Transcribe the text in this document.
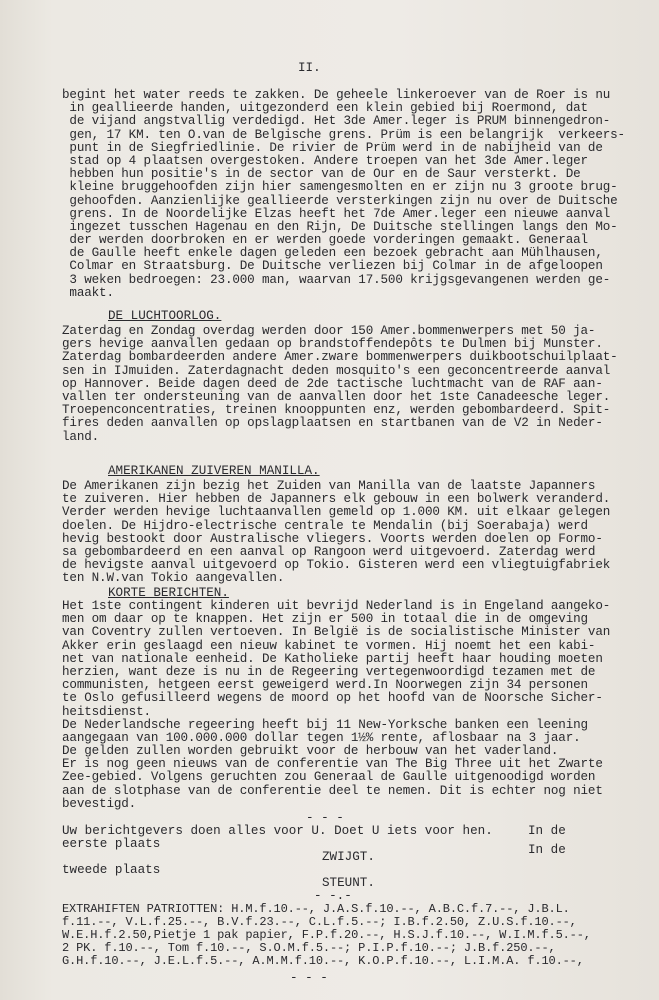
II.
begint het water reeds te zakken. De geheele linkeroever van de Roer is nu
in geallieerde handen, uitgezonderd een klein gebied bij Roermond, dat
de vijand angstvallig verdedigd. Het 3de Amer.leger is PRUM binnengedron-
gen, 17 KM. ten O.van de Belgische grens. Prüm is een belangrijk  verkeers-
punt in de Siegfriedlinie. De rivier de Prüm werd in de nabijheid van de
stad op 4 plaatsen overgestoken. Andere troepen van het 3de Amer.leger
hebben hun positie's in de sector van de Our en de Saur versterkt. De
kleine bruggehoofden zijn hier samengesmolten en er zijn nu 3 groote brug-
gehoofden. Aanzienlijke geallieerde versterkingen zijn nu over de Duitsche
grens. In de Noordelijke Elzas heeft het 7de Amer.leger een nieuwe aanval
ingezet tusschen Hagenau en den Rijn, De Duitsche stellingen langs den Mo-
der werden doorbroken en er werden goede vorderingen gemaakt. Generaal
de Gaulle heeft enkele dagen geleden een bezoek gebracht aan Mühlhausen,
Colmar en Straatsburg. De Duitsche verliezen bij Colmar in de afgeloopen
3 weken bedroegen: 23.000 man, waarvan 17.500 krijgsgevangenen werden ge-
maakt.
DE LUCHTOORLOG.
Zaterdag en Zondag overdag werden door 150 Amer.bommenwerpers met 50 ja-
gers hevige aanvallen gedaan op brandstoffendepôts te Dulmen bij Munster.
Zaterdag bombardeerden andere Amer.zware bommenwerpers duikbootschuilplaat-
sen in IJmuiden. Zaterdagnacht deden mosquito's een geconcentreerde aanval
op Hannover. Beide dagen deed de 2de tactische luchtmacht van de RAF aan-
vallen ter ondersteuning van de aanvallen door het 1ste Canadeesche leger.
Troepenconcentraties, treinen knooppunten enz, werden gebombardeerd. Spit-
fires deden aanvallen op opslagplaatsen en startbanen van de V2 in Neder-
land.
AMERIKANEN ZUIVEREN MANILLA.
De Amerikanen zijn bezig het Zuiden van Manilla van de laatste Japanners
te zuiveren. Hier hebben de Japanners elk gebouw in een bolwerk veranderd.
Verder werden hevige luchtaanvallen gemeld op 1.000 KM. uit elkaar gelegen
doelen. De Hijdro-electrische centrale te Mendalin (bij Soerabaja) werd
hevig bestookt door Australische vliegers. Voorts werden doelen op Formo-
sa gebombardeerd en een aanval op Rangoon werd uitgevoerd. Zaterdag werd
de hevigste aanval uitgevoerd op Tokio. Gisteren werd een vliegtuigfabriek
ten N.W.van Tokio aangevallen.
KORTE BERICHTEN.
Het 1ste contingent kinderen uit bevrijd Nederland is in Engeland aangeko-
men om daar op te knappen. Het zijn er 500 in totaal die in de omgeving
van Coventry zullen vertoeven. In België is de socialistische Minister van
Akker erin geslaagd een nieuw kabinet te vormen. Hij noemt het een kabi-
net van nationale eenheid. De Katholieke partij heeft haar houding moeten
herzien, want deze is nu in de Regeering vertegenwoordigd tezamen met de
communisten, hetgeen eerst geweigerd werd.In Noorwegen zijn 34 personen
te Oslo gefusilleerd wegens de moord op het hoofd van de Noorsche Sicher-
heitsdienst.
De Nederlandsche regeering heeft bij 11 New-Yorksche banken een leening
aangegaan van 100.000.000 dollar tegen 1½% rente, aflosbaar na 3 jaar.
De gelden zullen worden gebruikt voor de herbouw van het vaderland.
Er is nog geen nieuws van de conferentie van The Big Three uit het Zwarte
Zee-gebied. Volgens geruchten zou Generaal de Gaulle uitgenoodigd worden
aan de slotphase van de conferentie deel te nemen. Dit is echter nog niet
bevestigd.
- - -
Uw berichtgevers doen alles voor U. Doet U iets voor hen.	In de
eerste plaats	In de
ZWIJGT.
tweede plaats
STEUNT.
- -.-
EXTRAHIFTEN PATRIOTTEN: H.M.f.10.--, J.A.S.f.10.--, A.B.C.f.7.--, J.B.L.
f.11.--, V.L.f.25.--, B.V.f.23.--, C.L.f.5.--; I.B.f.2.50, Z.U.S.f.10.--,
W.E.H.f.2.50,Pietje 1 pak papier, F.P.f.20.--, H.S.J.f.10.--, W.I.M.f.5.--,
2 PK. f.10.--, Tom f.10.--, S.O.M.f.5.--; P.I.P.f.10.--; J.B.f.250.--,
G.H.f.10.--, J.E.L.f.5.--, A.M.M.f.10.--, K.O.P.f.10.--, L.I.M.A. f.10.--,
- - -
